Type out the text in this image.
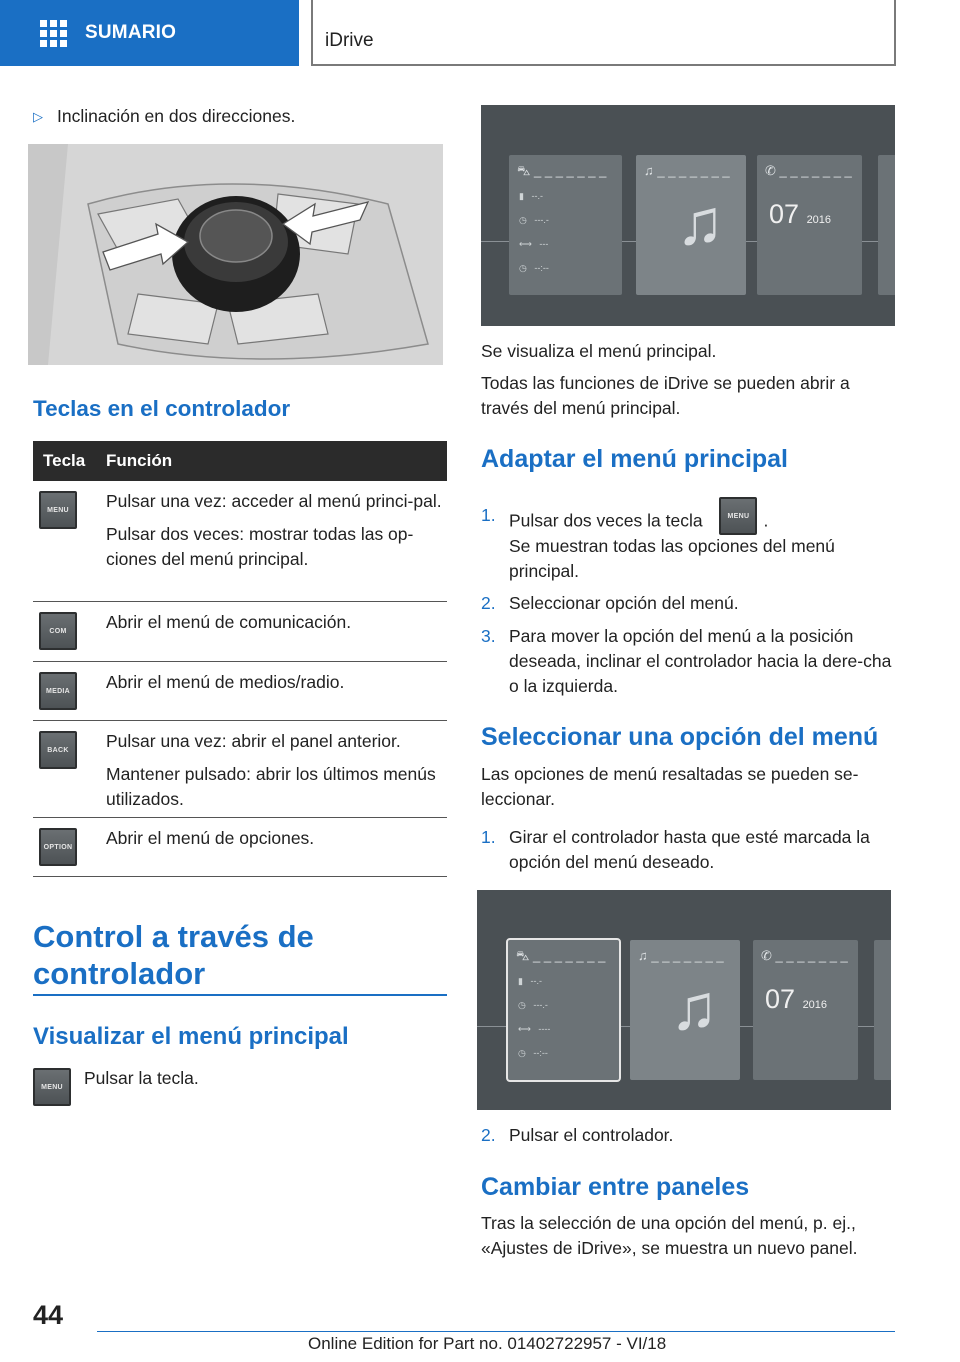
SUMARIO	iDrive
▷ Inclinación en dos direcciones.
Teclas en el controlador
Tecla	Función
MENU	Pulsar una vez: acceder al menú princi-pal.

Pulsar dos veces: mostrar todas las op-ciones del menú principal.

COM	Abrir el menú de comunicación.

MEDIA	Abrir el menú de medios/radio.

BACK	Pulsar una vez: abrir el panel anterior.

Mantener pulsado: abrir los últimos menús utilizados.

OPTION Abrir el menú de opciones.

Control a través de controlador
Visualizar el menú principal
MENU	Pulsar la tecla.
⛍ _ _ _ _ _ _ _
▮   --.-
◷   ---.-
⟷   ---
◷   --:--
♫ _ _ _ _ _ _ _
♫
✆ _ _ _ _ _ _ _
07 2016
Se visualiza el menú principal.
Todas las funciones de iDrive se pueden abrir a través del menú principal.
Adaptar el menú principal
1. Pulsar dos veces la tecla	MENU .
Se muestran todas las opciones del menú principal.
2. Seleccionar opción del menú.
3. Para mover la opción del menú a la posición deseada, inclinar el controlador hacia la dere-cha o la izquierda.
Seleccionar una opción del menú
Las opciones de menú resaltadas se pueden se-leccionar.
1. Girar el controlador hasta que esté marcada la opción del menú deseado.
⛍ _ _ _ _ _ _ _
▮   --.-
◷   ---.-
⟷   ----
◷   --:--
♫ _ _ _ _ _ _ _
♫
✆ _ _ _ _ _ _ _
07 2016
2. Pulsar el controlador.
Cambiar entre paneles
Tras la selección de una opción del menú, p. ej., «Ajustes de iDrive», se muestra un nuevo panel.
44
Online Edition for Part no. 01402722957 - VI/18
